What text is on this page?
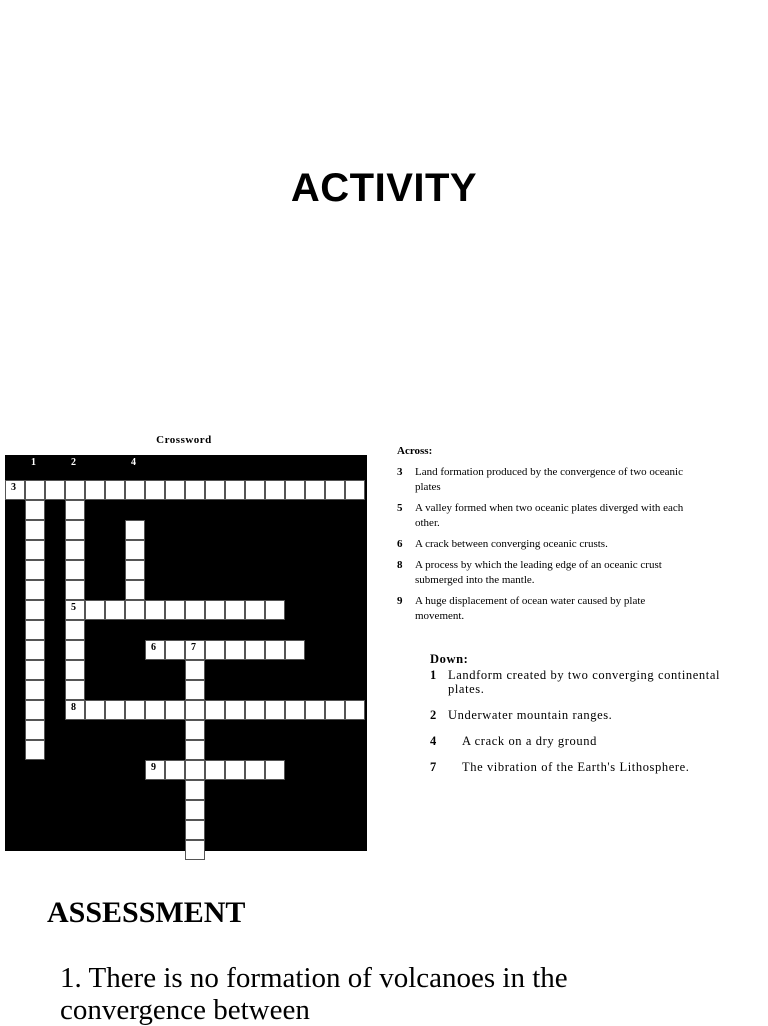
ACTIVITY
Crossword
1	2
3
4
5
6	7
8
9
Across:
3	Land formation produced by the convergence of two oceanic plates
5	A valley formed when two oceanic plates diverged with each other.
6	A crack between converging oceanic crusts.
8	A process by which the leading edge of an oceanic crust submerged into the mantle.
9	A huge displacement of ocean water caused by plate movement.
Down:
1 Landform created by two converging continental plates.
2 Underwater mountain ranges.
4	A crack on a dry ground
7	The vibration of the Earth's Lithosphere.
ASSESSMENT
1. There is no formation of volcanoes in the convergence between
